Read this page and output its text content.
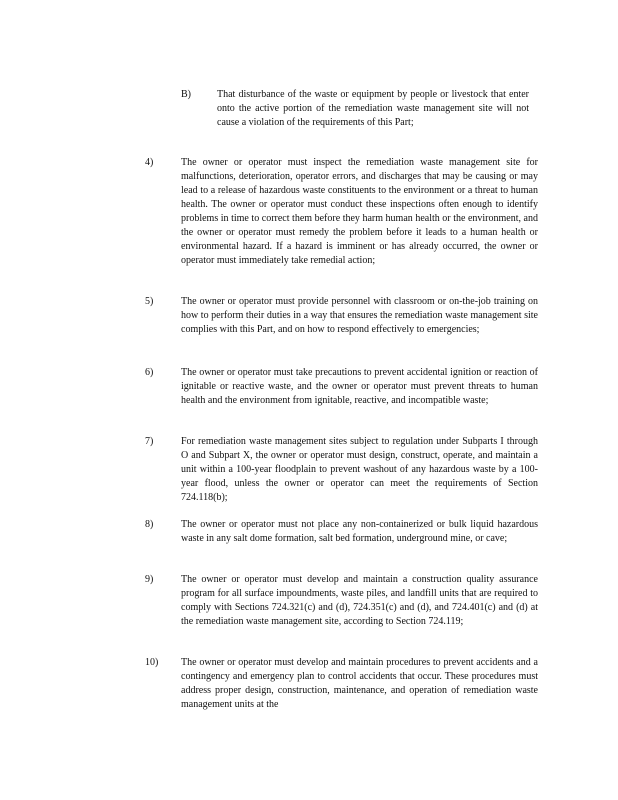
B)	That disturbance of the waste or equipment by people or livestock that enter onto the active portion of the remediation waste management site will not cause a violation of the requirements of this Part;
4)	The owner or operator must inspect the remediation waste management site for malfunctions, deterioration, operator errors, and discharges that may be causing or may lead to a release of hazardous waste constituents to the environment or a threat to human health. The owner or operator must conduct these inspections often enough to identify problems in time to correct them before they harm human health or the environment, and the owner or operator must remedy the problem before it leads to a human health or environmental hazard. If a hazard is imminent or has already occurred, the owner or operator must immediately take remedial action;
5)	The owner or operator must provide personnel with classroom or on-the-job training on how to perform their duties in a way that ensures the remediation waste management site complies with this Part, and on how to respond effectively to emergencies;
6)	The owner or operator must take precautions to prevent accidental ignition or reaction of ignitable or reactive waste, and the owner or operator must prevent threats to human health and the environment from ignitable, reactive, and incompatible waste;
7)	For remediation waste management sites subject to regulation under Subparts I through O and Subpart X, the owner or operator must design, construct, operate, and maintain a unit within a 100-year floodplain to prevent washout of any hazardous waste by a 100-year flood, unless the owner or operator can meet the requirements of Section 724.118(b);
8)	The owner or operator must not place any non-containerized or bulk liquid hazardous waste in any salt dome formation, salt bed formation, underground mine, or cave;
9)	The owner or operator must develop and maintain a construction quality assurance program for all surface impoundments, waste piles, and landfill units that are required to comply with Sections 724.321(c) and (d), 724.351(c) and (d), and 724.401(c) and (d) at the remediation waste management site, according to Section 724.119;
10) The owner or operator must develop and maintain procedures to prevent accidents and a contingency and emergency plan to control accidents that occur. These procedures must address proper design, construction, maintenance, and operation of remediation waste management units at the
